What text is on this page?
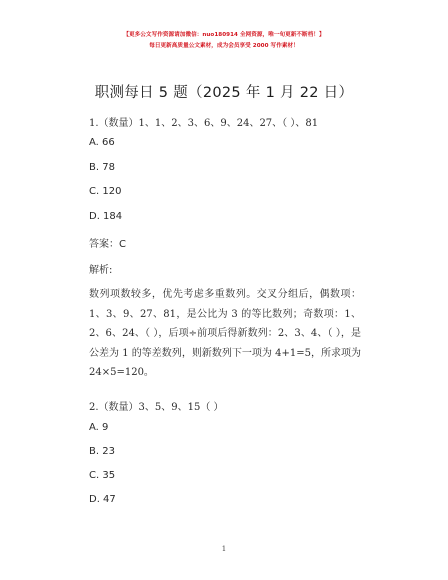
【更多公文写作资源请加微信：nuo180914 全网资源，唯一旬更新不断档！】
每日更新高质量公文素材，成为会员享受 2000 写作素材！
职测每日 5 题（2025 年 1 月 22 日）
1.（数量）1、1、2、3、6、9、24、27、（ ）、81
A. 66
B. 78
C. 120
D. 184
答案：C
解析:
数列项数较多，优先考虑多重数列。交叉分组后，偶数项：1、3、9、27、81，是公比为 3 的等比数列；奇数项：1、2、6、24、（ ），后项÷前项后得新数列：2、3、4、（ ），是公差为 1 的等差数列，则新数列下一项为 4+1=5，所求项为 24×5=120。
2.（数量）3、5、9、15（ ）
A. 9
B. 23
C. 35
D. 47
1
